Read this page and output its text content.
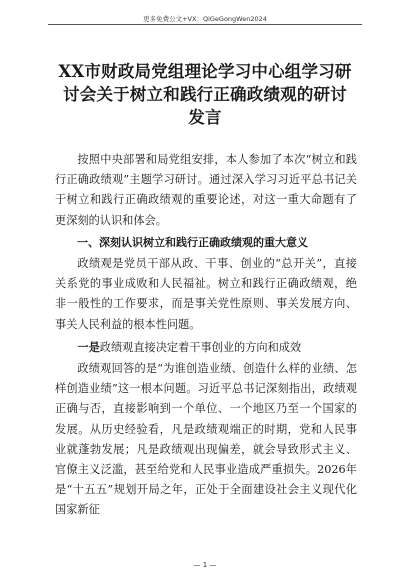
更多免费公文+VX：QiGeGongWen2024
XX市财政局党组理论学习中心组学习研讨会关于树立和践行正确政绩观的研讨发言

按照中央部署和局党组安排，本人参加了本次“树立和践行正确政绩观”主题学习研讨。通过深入学习习近平总书记关于树立和践行正确政绩观的重要论述，对这一重大命题有了更深刻的认识和体会。

一、深刻认识树立和践行正确政绩观的重大意义

政绩观是党员干部从政、干事、创业的“总开关”，直接关系党的事业成败和人民福祉。树立和践行正确政绩观，绝非一般性的工作要求，而是事关党性原则、事关发展方向、事关人民利益的根本性问题。

一是政绩观直接决定着干事创业的方向和成效

政绩观回答的是“为谁创造业绩、创造什么样的业绩、怎样创造业绩”这一根本问题。习近平总书记深刻指出，政绩观正确与否，直接影响到一个单位、一个地区乃至一个国家的发展。从历史经验看，凡是政绩观端正的时期，党和人民事业就蓬勃发展；凡是政绩观出现偏差，就会导致形式主义、官僚主义泛滥，甚至给党和人民事业造成严重损失。2026年是“十五五”规划开局之年，正处于全面建设社会主义现代化国家新征

— 1 —
